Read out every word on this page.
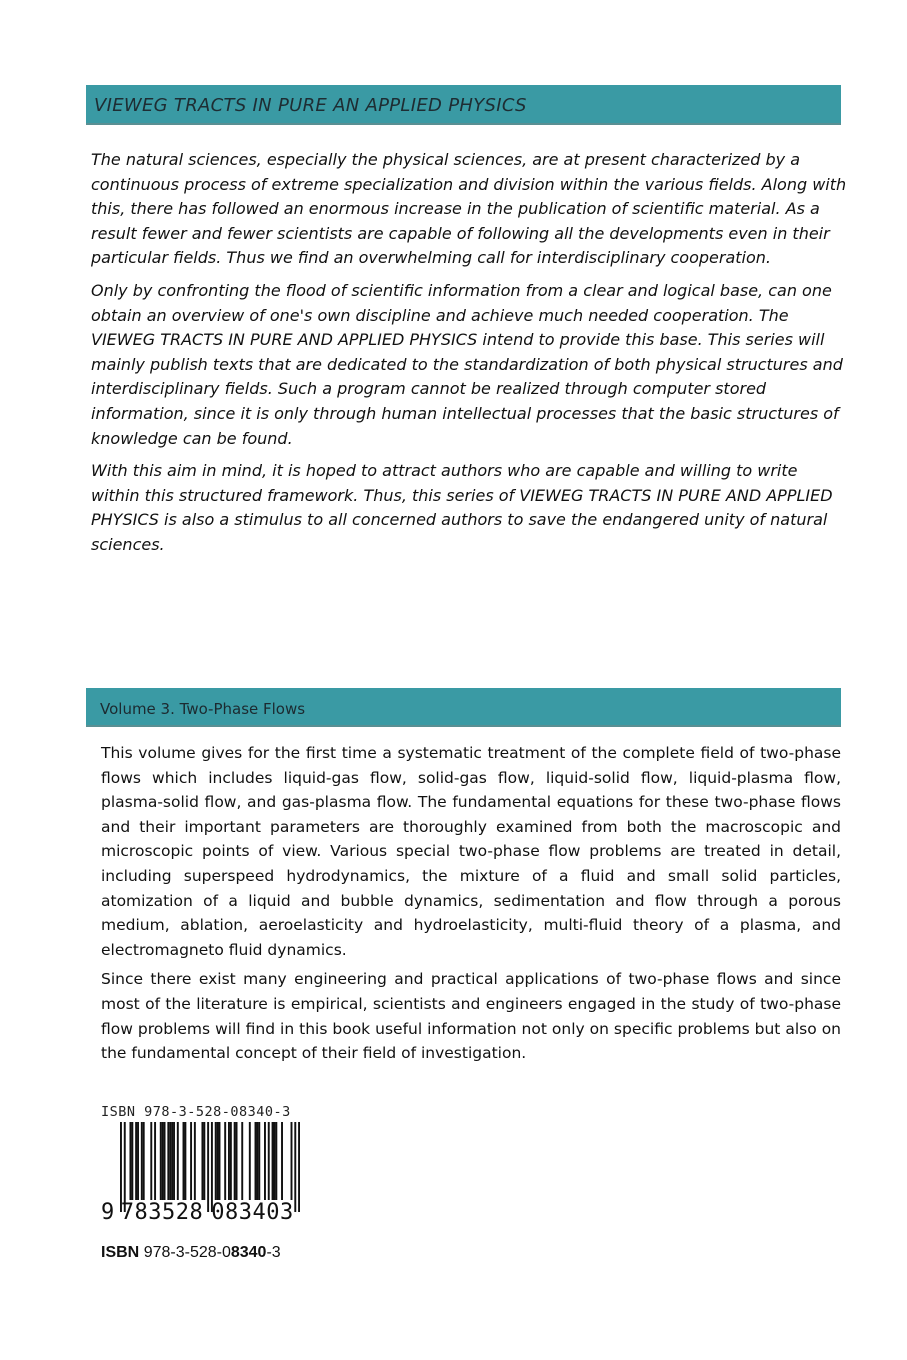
VIEWEG TRACTS IN PURE AN APPLIED PHYSICS

The natural sciences, especially the physical sciences, are at present characterized by a continuous process of extreme specialization and division within the various fields. Along with this, there has followed an enormous increase in the publication of scientific material. As a result fewer and fewer scientists are capable of following all the developments even in their particular fields. Thus we find an overwhelming call for interdisciplinary cooperation.

Only by confronting the flood of scientific information from a clear and logical base, can one obtain an overview of one's own discipline and achieve much needed cooperation. The VIEWEG TRACTS IN PURE AND APPLIED PHYSICS intend to provide this base. This series will mainly publish texts that are dedicated to the standardization of both physical structures and interdisciplinary fields. Such a program cannot be realized through computer stored information, since it is only through human intellectual processes that the basic structures of knowledge can be found.

With this aim in mind, it is hoped to attract authors who are capable and willing to write within this structured framework. Thus, this series of VIEWEG TRACTS IN PURE AND APPLIED PHYSICS is also a stimulus to all concerned authors to save the endangered unity of natural sciences.

Volume 3. Two-Phase Flows

This volume gives for the first time a systematic treatment of the complete field of two-phase flows which includes liquid-gas flow, solid-gas flow, liquid-solid flow, liquid-plasma flow, plasma-solid flow, and gas-plasma flow. The fundamental equations for these two-phase flows and their important parameters are thoroughly examined from both the macroscopic and microscopic points of view. Various special two-phase flow problems are treated in detail, including superspeed hydrodynamics, the mixture of a fluid and small solid particles, atomization of a liquid and bubble dynamics, sedimentation and flow through a porous medium, ablation, aeroelasticity and hydroelasticity, multi-fluid theory of a plasma, and electromagneto fluid dynamics.

Since there exist many engineering and practical applications of two-phase flows and since most of the literature is empirical, scientists and engineers engaged in the study of two-phase flow problems will find in this book useful information not only on specific problems but also on the fundamental concept of their field of investigation.

ISBN 978-3-528-08340-3
9 783528 083403
ISBN 978-3-528-08340-3
